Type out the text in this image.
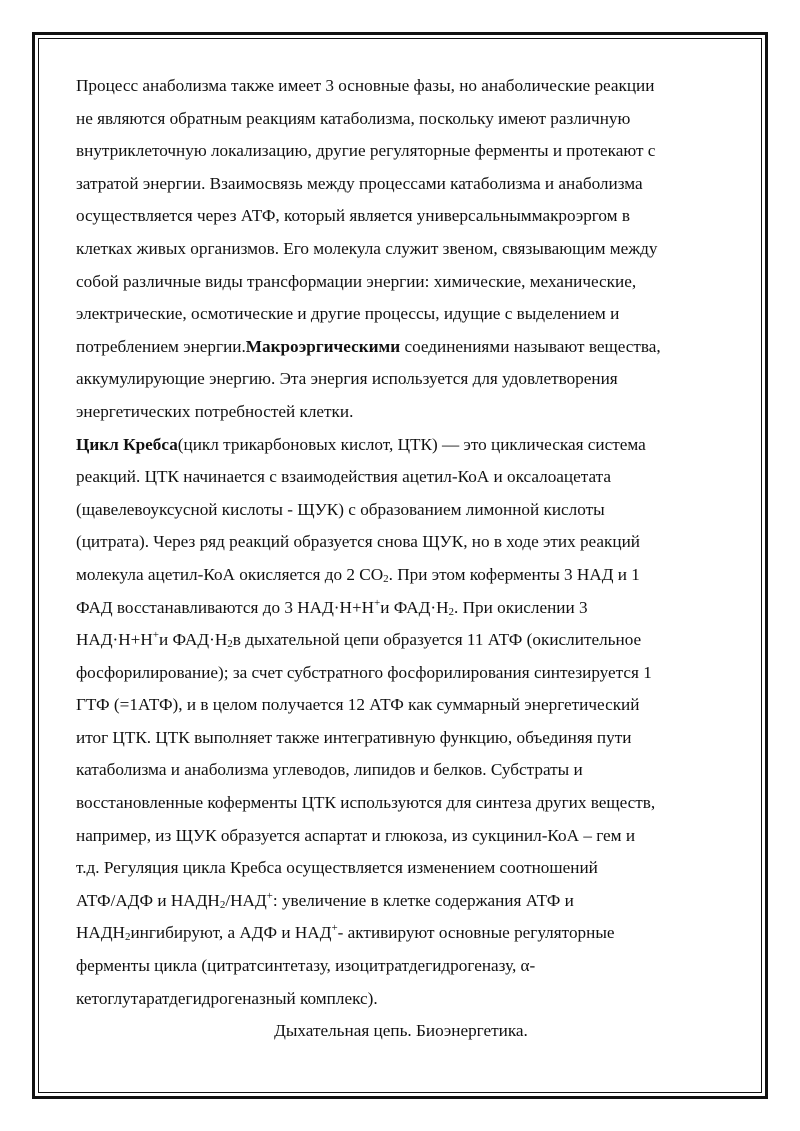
Процесс анаболизма также имеет 3 основные фазы, но анаболические реакции
не являются обратным реакциям катаболизма, поскольку имеют различную
внутриклеточную локализацию, другие регуляторные ферменты и протекают с
затратой энергии. Взаимосвязь между процессами катаболизма и анаболизма
осуществляется через АТФ, который является универсальныммакроэргом в
клетках живых организмов. Его молекула служит звеном, связывающим между
собой различные виды трансформации энергии: химические, механические,
электрические, осмотические и другие процессы, идущие с выделением и
потреблением энергии.Макроэргическими соединениями называют вещества,
аккумулирующие энергию. Эта энергия используется для удовлетворения
энергетических потребностей клетки.
Цикл Кребса(цикл трикарбоновых кислот, ЦТК) — это циклическая система
реакций. ЦТК начинается с взаимодействия ацетил-КоА и оксалоацетата
(щавелевоуксусной кислоты - ЩУК) с образованием лимонной кислоты
(цитрата). Через ряд реакций образуется снова ЩУК, но в ходе этих реакций
молекула ацетил-КоА окисляется до 2 $CO_2$. При этом коферменты 3 НАД и 1
ФАД восстанавливаются до 3 НАД·Н+Н+и $ФАД\cdot Н_2$. При окислении 3
НАД·Н+Н+и $ФАД\cdot Н_2в$ дыхательной цепи образуется 11 АТФ (окислительное
фосфорилирование); за счет субстратного фосфорилирования синтезируется 1
ГТФ (=1АТФ), и в целом получается 12 АТФ как суммарный энергетический
итог ЦТК. ЦТК выполняет также интегративную функцию, объединяя пути
катаболизма и анаболизма углеводов, липидов и белков. Субстраты и
восстановленные коферменты ЦТК используются для синтеза других веществ,
например, из ЩУК образуется аспартат и глюкоза, из сукцинил-КоА – гем и
т.д. Регуляция цикла Кребса осуществляется изменением соотношений
АТФ/АДФ и $НАДН_2/НАД^+$: увеличение в клетке содержания АТФ и
$НАДН_2ингибируют$, а АДФ и НАД+- активируют основные регуляторные
ферменты цикла (цитратсинтетазу, изоцитратдегидрогеназу, α-
кетоглутаратдегидрогеназный комплекс).
Дыхательная цепь. Биоэнергетика.
